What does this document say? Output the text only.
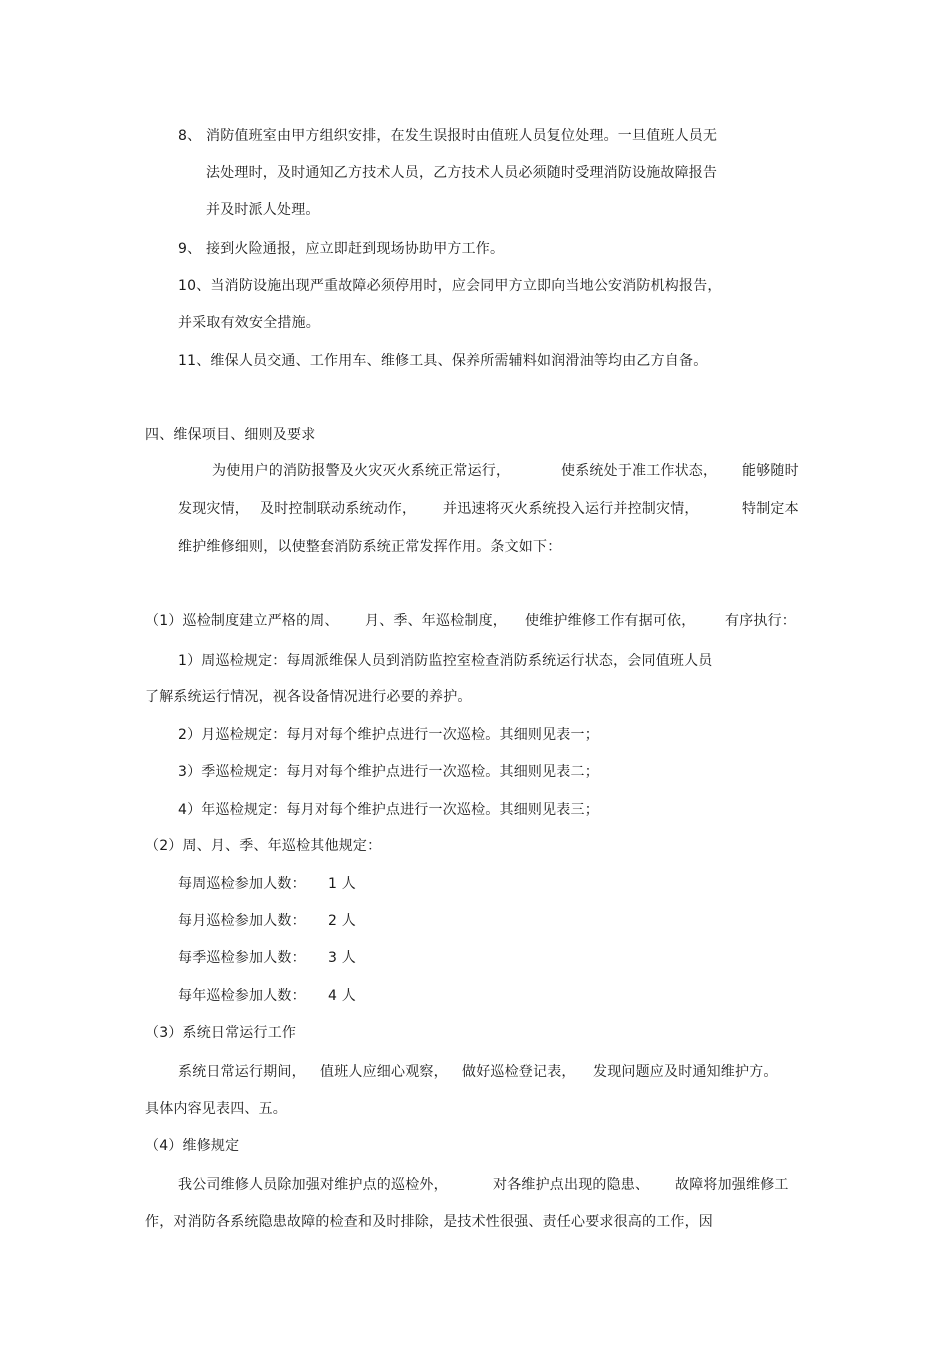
8、 消防值班室由甲方组织安排，在发生误报时由值班人员复位处理。一旦值班人员无
法处理时，及时通知乙方技术人员，乙方技术人员必须随时受理消防设施故障报告
并及时派人处理。
9、 接到火险通报，应立即赶到现场协助甲方工作。
10、当消防设施出现严重故障必须停用时，应会同甲方立即向当地公安消防机构报告，
并采取有效安全措施。
11、维保人员交通、工作用车、维修工具、保养所需辅料如润滑油等均由乙方自备。
四、维保项目、细则及要求
为使用户的消防报警及火灾灭火系统正常运行，	使系统处于准工作状态， 能够随时
发现灾情， 及时控制联动系统动作， 并迅速将灭火系统投入运行并控制灾情，	特制定本
维护维修细则，以使整套消防系统正常发挥作用。条文如下：
（1）巡检制度建立严格的周、 月、季、年巡检制度， 使维护维修工作有据可依， 有序执行：
1）周巡检规定：每周派维保人员到消防监控室检查消防系统运行状态，会同值班人员
了解系统运行情况，视各设备情况进行必要的养护。
2）月巡检规定：每月对每个维护点进行一次巡检。其细则见表一；
3）季巡检规定：每月对每个维护点进行一次巡检。其细则见表二；
4）年巡检规定：每月对每个维护点进行一次巡检。其细则见表三；
（2）周、月、季、年巡检其他规定：
每周巡检参加人数： 1 人
每月巡检参加人数： 2 人
每季巡检参加人数： 3 人
每年巡检参加人数： 4 人
（3）系统日常运行工作
系统日常运行期间， 值班人应细心观察， 做好巡检登记表， 发现问题应及时通知维护方。
具体内容见表四、五。
（4）维修规定
我公司维修人员除加强对维护点的巡检外，	对各维护点出现的隐患、 故障将加强维修工
作，对消防各系统隐患故障的检查和及时排除，是技术性很强、责任心要求很高的工作，因
